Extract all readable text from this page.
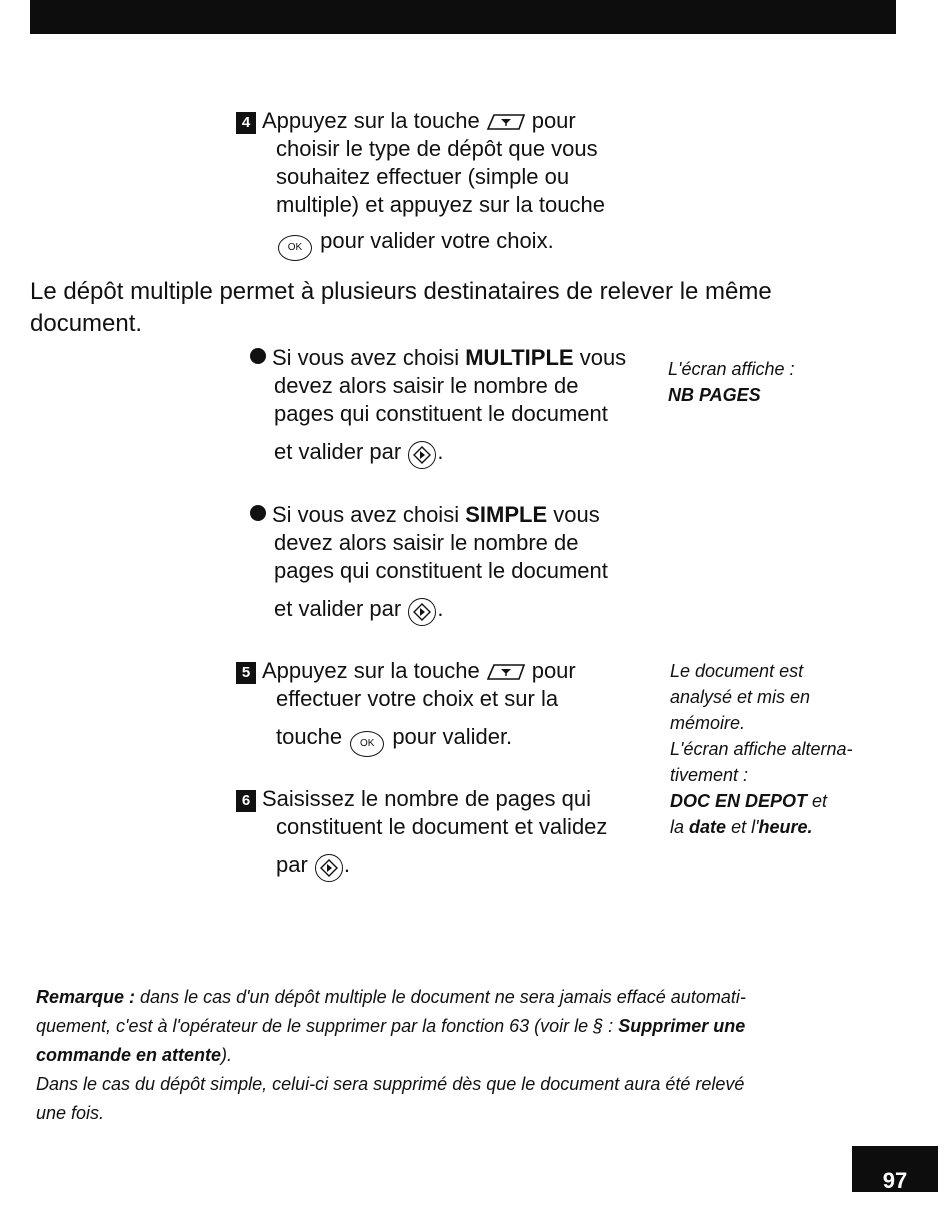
4 Appuyez sur la touche pour
choisir le type de dépôt que vous
souhaitez effectuer (simple ou
multiple) et appuyez sur la touche
OK pour valider votre choix.
Le dépôt multiple permet à plusieurs destinataires de relever le même
document.
Si vous avez choisi MULTIPLE vous
devez alors saisir le nombre de
pages qui constituent le document
et valider par .
L'écran affiche :
NB PAGES
Si vous avez choisi SIMPLE vous
devez alors saisir le nombre de
pages qui constituent le document
et valider par .
5 Appuyez sur la touche pour
effectuer votre choix et sur la
touche OK pour valider.
Le document est
analysé et mis en
mémoire.
L'écran affiche alterna-
tivement :
DOC EN DEPOT et
la date et l'heure.
6 Saisissez le nombre de pages qui
constituent le document et validez
par .
Remarque : dans le cas d'un dépôt multiple le document ne sera jamais effacé automati-
quement, c'est à l'opérateur de le supprimer par la fonction 63 (voir le § : Supprimer une
commande en attente).
Dans le cas du dépôt simple, celui-ci sera supprimé dès que le document aura été relevé
une fois.
97
